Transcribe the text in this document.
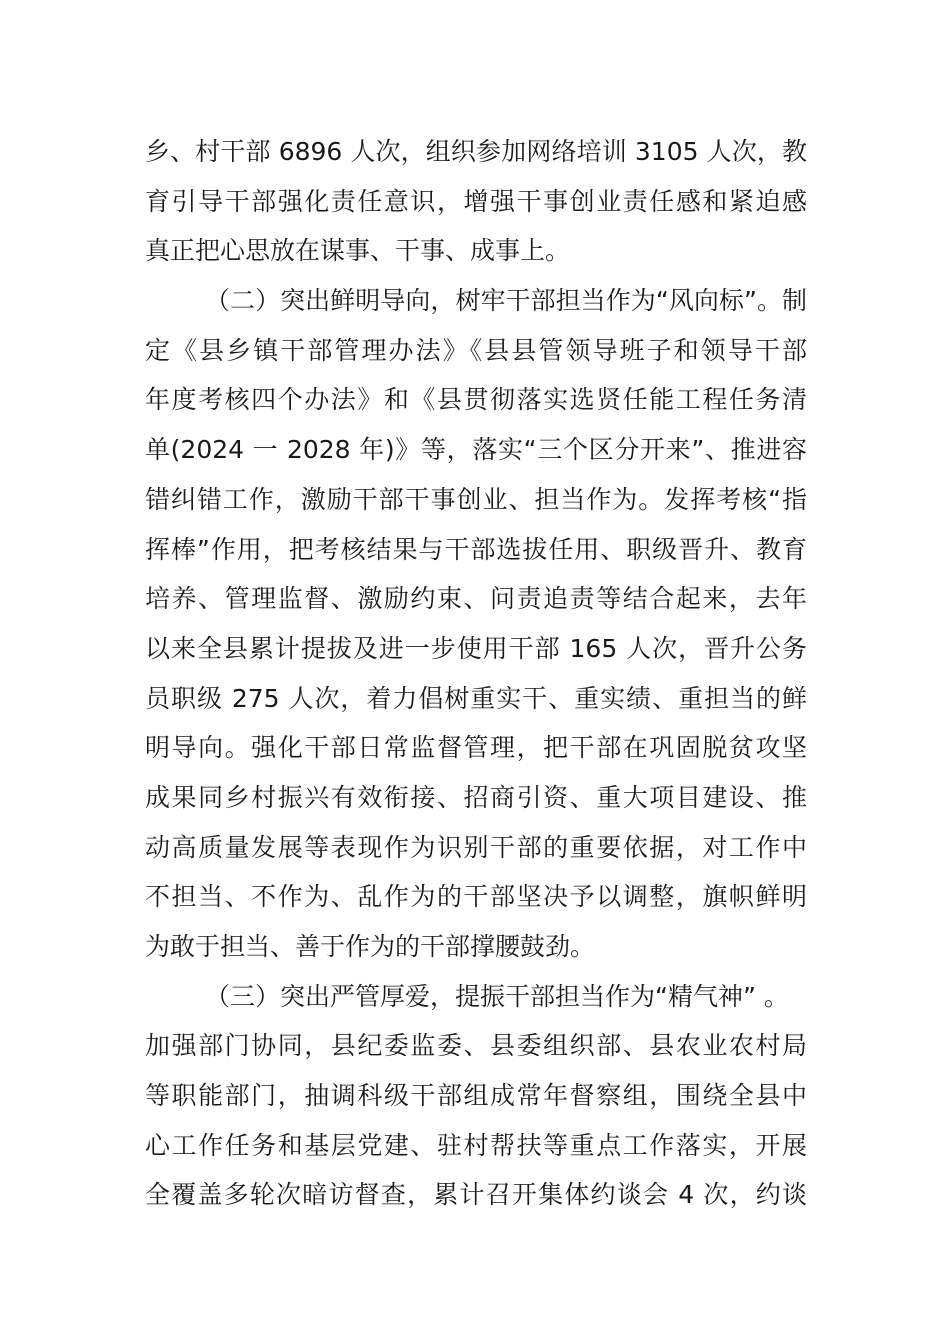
乡、村干部 6896 人次，组织参加网络培训 3105 人次，教
育引导干部强化责任意识，增强干事创业责任感和紧迫感
真正把心思放在谋事、干事、成事上。
（二）突出鲜明导向，树牢干部担当作为“风向标”。制
定《县乡镇干部管理办法》《县县管领导班子和领导干部
年度考核四个办法》和《县贯彻落实选贤任能工程任务清
单(2024 一 2028 年)》等，落实“三个区分开来”、推进容
错纠错工作，激励干部干事创业、担当作为。发挥考核“指
挥棒”作用，把考核结果与干部选拔任用、职级晋升、教育
培养、管理监督、激励约束、问责追责等结合起来，去年
以来全县累计提拔及进一步使用干部 165 人次，晋升公务
员职级 275 人次，着力倡树重实干、重实绩、重担当的鲜
明导向。强化干部日常监督管理，把干部在巩固脱贫攻坚
成果同乡村振兴有效衔接、招商引资、重大项目建设、推
动高质量发展等表现作为识别干部的重要依据，对工作中
不担当、不作为、乱作为的干部坚决予以调整，旗帜鲜明
为敢于担当、善于作为的干部撑腰鼓劲。
（三）突出严管厚爱，提振干部担当作为“精气神” 。
加强部门协同，县纪委监委、县委组织部、县农业农村局
等职能部门，抽调科级干部组成常年督察组，围绕全县中
心工作任务和基层党建、驻村帮扶等重点工作落实，开展
全覆盖多轮次暗访督查，累计召开集体约谈会 4 次，约谈
